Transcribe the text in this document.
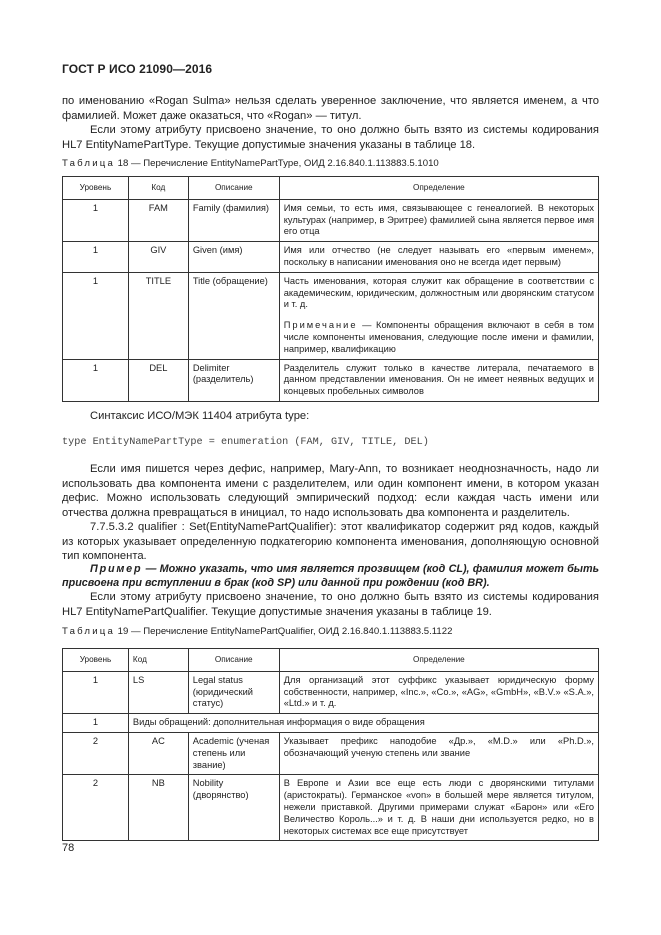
ГОСТ Р ИСО 21090—2016
по именованию «Rogan Sulma» нельзя сделать уверенное заключение, что является именем, а что фамилией. Может даже оказаться, что «Rogan» — титул.
Если этому атрибуту присвоено значение, то оно должно быть взято из системы кодирования HL7 EntityNamePartType. Текущие допустимые значения указаны в таблице 18.
Таблица 18 — Перечисление EntityNamePartType, ОИД 2.16.840.1.113883.5.1010
Уровень	Код	Описание	Определение
1	FAM	Family (фамилия)	Имя семьи, то есть имя, связывающее с генеалогией. В некоторых культурах (например, в Эритрее) фамилией сына является первое имя его отца
1	GIV	Given (имя)	Имя или отчество (не следует называть его «первым именем», поскольку в написании именования оно не всегда идет первым)
1	TITLE	Title (обращение)	Часть именования, которая служит как обращение в соответствии с академическим, юридическим, должностным или дворянским статусом и т. д.
Примечание — Компоненты обращения включают в себя в том числе компоненты именования, следующие после имени и фамилии, например, квалификацию

1	DEL	Delimiter (разделитель)	Разделитель служит только в качестве литерала, печатаемого в данном представлении именования. Он не имеет неявных ведущих и концевых пробельных символов
Синтаксис ИСО/МЭК 11404 атрибута type:
type EntityNamePartType = enumeration (FAM, GIV, TITLE, DEL)
Если имя пишется через дефис, например, Mary-Ann, то возникает неоднозначность, надо ли использовать два компонента имени с разделителем, или один компонент имени, в котором указан дефис. Можно использовать следующий эмпирический подход: если каждая часть имени или отчества должна превращаться в инициал, то надо использовать два компонента и разделитель.
7.7.5.3.2 qualifier : Set(EntityNamePartQualifier): этот квалификатор содержит ряд кодов, каждый из которых указывает определенную подкатегорию компонента именования, дополняющую основной тип компонента.
Пример — Можно указать, что имя является прозвищем (код CL), фамилия может быть присвоена при вступлении в брак (код SP) или данной при рождении (код BR).
Если этому атрибуту присвоено значение, то оно должно быть взято из системы кодирования HL7 EntityNamePartQualifier. Текущие допустимые значения указаны в таблице 19.
Таблица 19 — Перечисление EntityNamePartQualifier, ОИД 2.16.840.1.113883.5.1122
Уровень	Код	Описание	Определение
1	LS	Legal status (юридический статус)	Для организаций этот суффикс указывает юридическую форму собственности, например, «Inc.», «Co.», «AG», «GmbH», «B.V.» «S.A.», «Ltd.» и т. д.
1	Виды обращений: дополнительная информация о виде обращения		
2	AC	Academic (ученая степень или звание)	Указывает префикс наподобие «Др.», «M.D.» или «Ph.D.», обозначающий ученую степень или звание
2	NB	Nobility (дворянство)	В Европе и Азии все еще есть люди с дворянскими титулами (аристократы). Германское «von» в большей мере является титулом, нежели приставкой. Другими примерами служат «Барон» или «Его Величество Король...» и т. д. В наши дни используется редко, но в некоторых системах все еще присутствует
78
